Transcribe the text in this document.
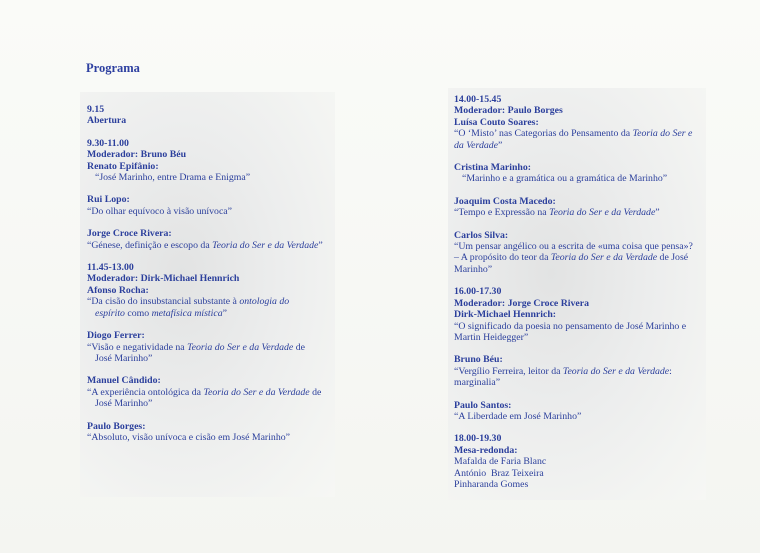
Programa
9.15
Abertura
9.30-11.00
Moderador: Bruno Béu
Renato Epifânio:
“José Marinho, entre Drama e Enigma”
Rui Lopo:
“Do olhar equívoco à visão unívoca”
Jorge Croce Rivera:
“Génese, definição e escopo da Teoria do Ser e da Verdade”
11.45-13.00
Moderador: Dirk-Michael Hennrich
Afonso Rocha:
“Da cisão do insubstancial substante à ontologia do
espírito como metafísica mística”
Diogo Ferrer:
“Visão e negatividade na Teoria do Ser e da Verdade de
José Marinho”
Manuel Cândido:
“A experiência ontológica da Teoria do Ser e da Verdade de
José Marinho”
Paulo Borges:
“Absoluto, visão unívoca e cisão em José Marinho”
14.00-15.45
Moderador: Paulo Borges
Luísa Couto Soares:
“O ‘Misto’ nas Categorias do Pensamento da Teoria do Ser e
da Verdade”
Cristina Marinho:
“Marinho e a gramática ou a gramática de Marinho”
Joaquim Costa Macedo:
“Tempo e Expressão na Teoria do Ser e da Verdade”
Carlos Silva:
“Um pensar angélico ou a escrita de «uma coisa que pensa»?
– A propósito do teor da Teoria do Ser e da Verdade de José
Marinho”
16.00-17.30
Moderador: Jorge Croce Rivera
Dirk-Michael Hennrich:
“O significado da poesia no pensamento de José Marinho e
Martin Heidegger”
Bruno Béu:
“Vergílio Ferreira, leitor da Teoria do Ser e da Verdade:
marginalia”
Paulo Santos:
“A Liberdade em José Marinho”
18.00-19.30
Mesa-redonda:
Mafalda de Faria Blanc
António  Braz Teixeira
Pinharanda Gomes
